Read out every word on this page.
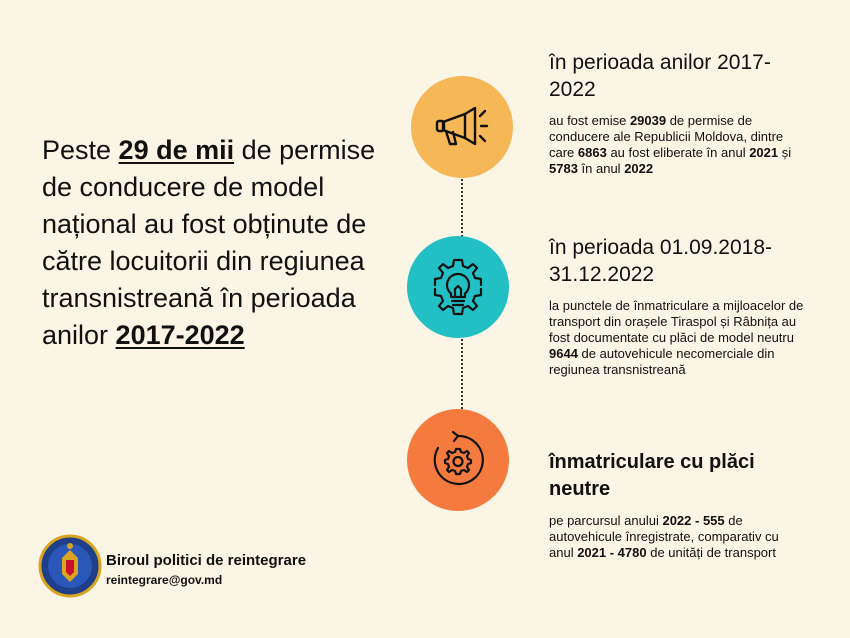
Peste 29 de mii de permise de conducere de model național au fost obținute de către locuitorii din regiunea transnistreană în perioada anilor 2017-2022
în perioada anilor 2017-2022
au fost emise 29039 de permise de conducere ale Republicii Moldova, dintre care 6863 au fost eliberate în anul 2021 și 5783 în anul 2022
în perioada 01.09.2018-31.12.2022
la punctele de înmatriculare a mijloacelor de transport din orașele Tiraspol și Râbnița au fost documentate cu plăci de model neutru 9644 de autovehicule necomerciale din regiunea transnistreană
înmatriculare cu plăci neutre
pe parcursul anului 2022 - 555 de autovehicule înregistrate, comparativ cu anul 2021 - 4780 de unități de transport
Biroul politici de reintegrare
reintegrare@gov.md
